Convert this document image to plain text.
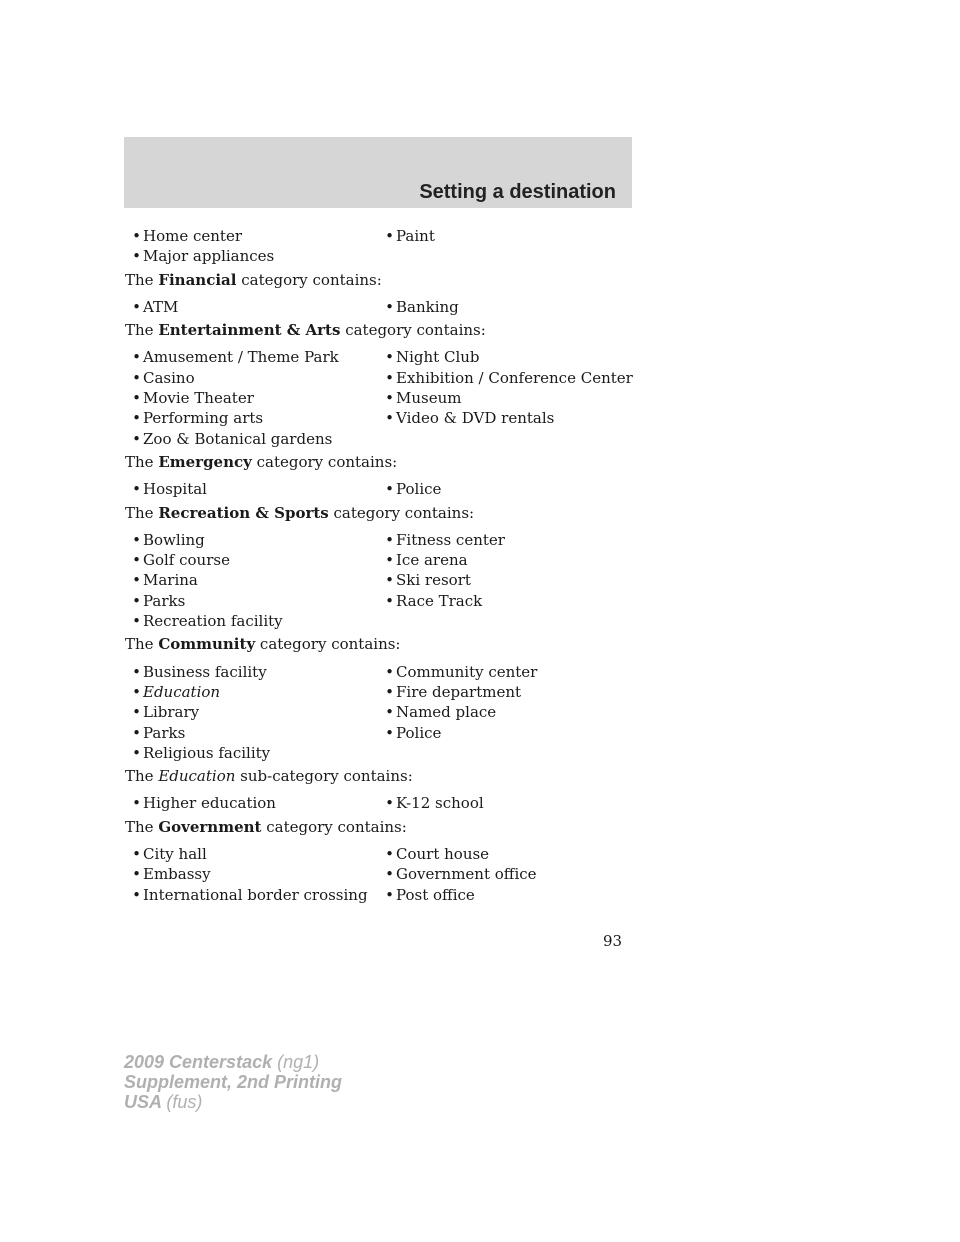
Setting a destination
• Home center	• Paint
• Major appliances
The Financial category contains:
• ATM	• Banking
The Entertainment & Arts category contains:
• Amusement / Theme Park	• Night Club
• Casino	• Exhibition / Conference Center
• Movie Theater	• Museum
• Performing arts	• Video & DVD rentals
• Zoo & Botanical gardens
The Emergency category contains:
• Hospital	• Police
The Recreation & Sports category contains:
• Bowling	• Fitness center
• Golf course	• Ice arena
• Marina	• Ski resort
• Parks	• Race Track
• Recreation facility
The Community category contains:
• Business facility	• Community center
• Education	• Fire department
• Library	• Named place
• Parks	• Police
• Religious facility
The Education sub-category contains:
• Higher education	• K-12 school
The Government category contains:
• City hall	• Court house
• Embassy	• Government office
• International border crossing	• Post office
93
2009 Centerstack (ng1)
Supplement, 2nd Printing
USA (fus)
